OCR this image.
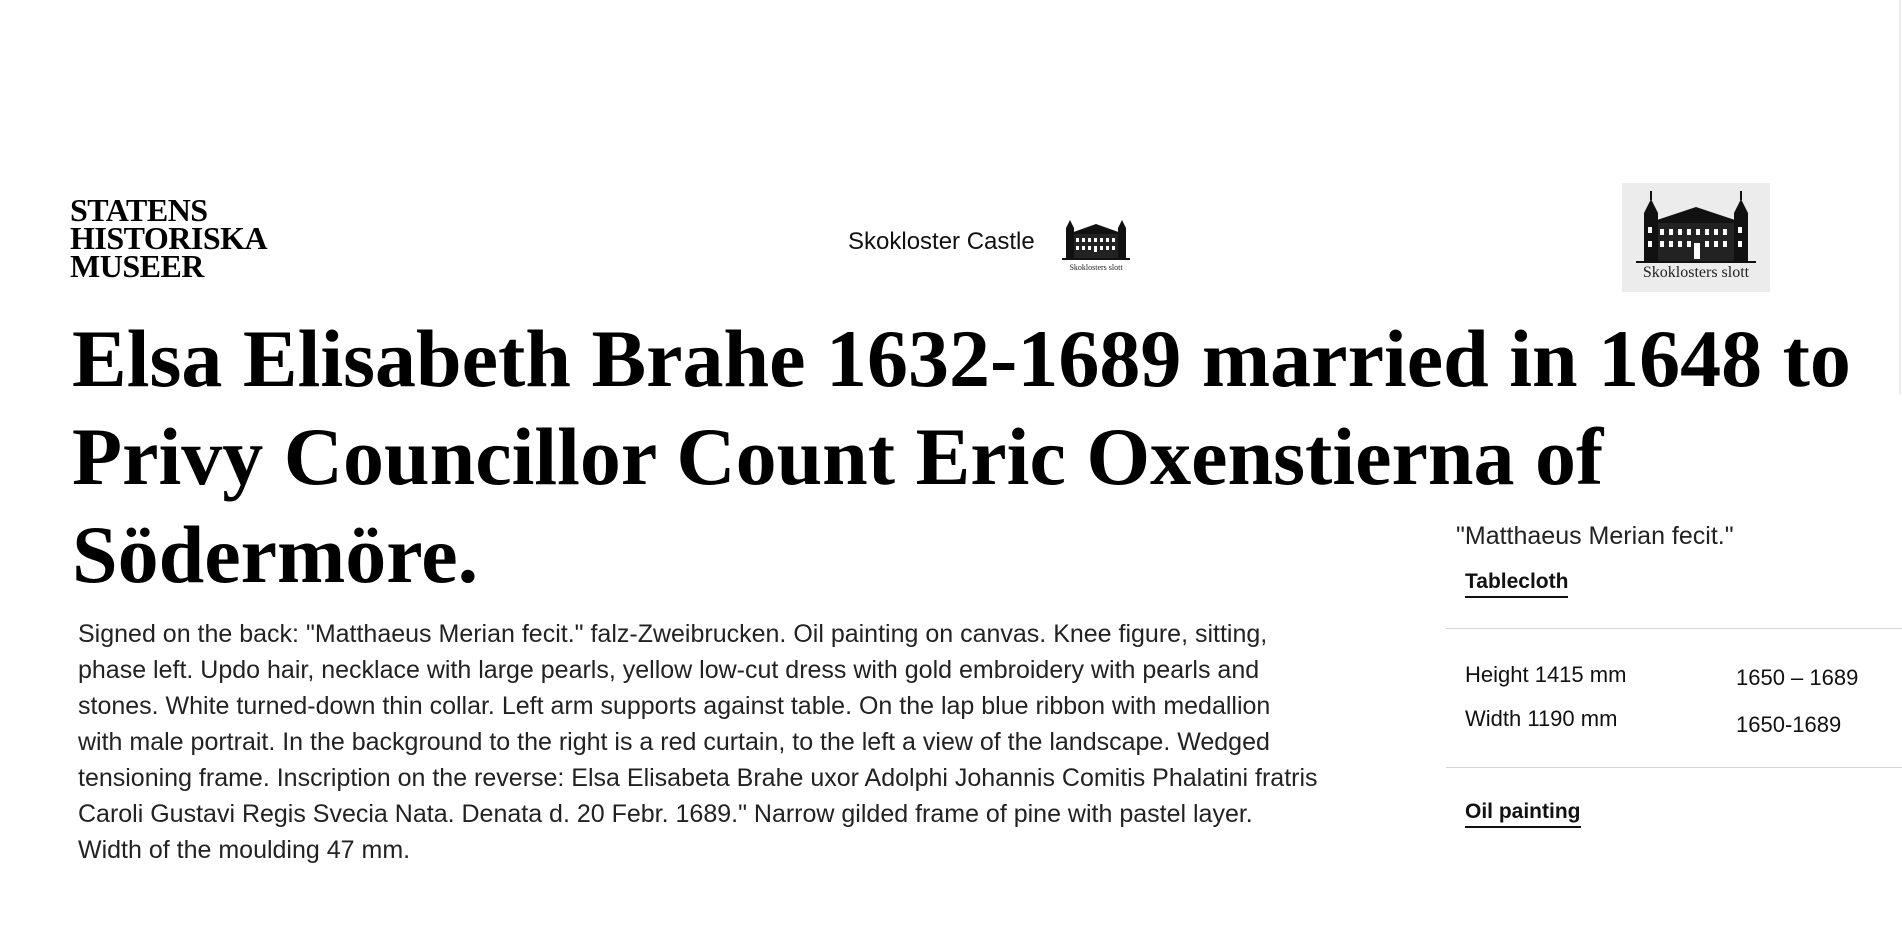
STATENS
HISTORISKA
MUSEER
Skokloster Castle
Skoklosters slott	Skoklosters slott
Elsa Elisabeth Brahe 1632-1689 married in 1648 to Privy Councillor Count Eric Oxenstierna of Södermöre.

Signed on the back: "Matthaeus Merian fecit." falz-Zweibrucken. Oil painting on canvas. Knee figure, sitting, phase left. Updo hair, necklace with large pearls, yellow low-cut dress with gold embroidery with pearls and stones. White turned-down thin collar. Left arm supports against table. On the lap blue ribbon with medallion with male portrait. In the background to the right is a red curtain, to the left a view of the landscape. Wedged tensioning frame. Inscription on the reverse: Elsa Elisabeta Brahe uxor Adolphi Johannis Comitis Phalatini fratris Caroli Gustavi Regis Svecia Nata. Denata d. 20 Febr. 1689." Narrow gilded frame of pine with pastel layer. Width of the moulding 47 mm.

"Matthaeus Merian fecit."
Tablecloth
Height 1415 mm
Width 1190 mm
1650 – 1689
1650-1689
Oil painting
